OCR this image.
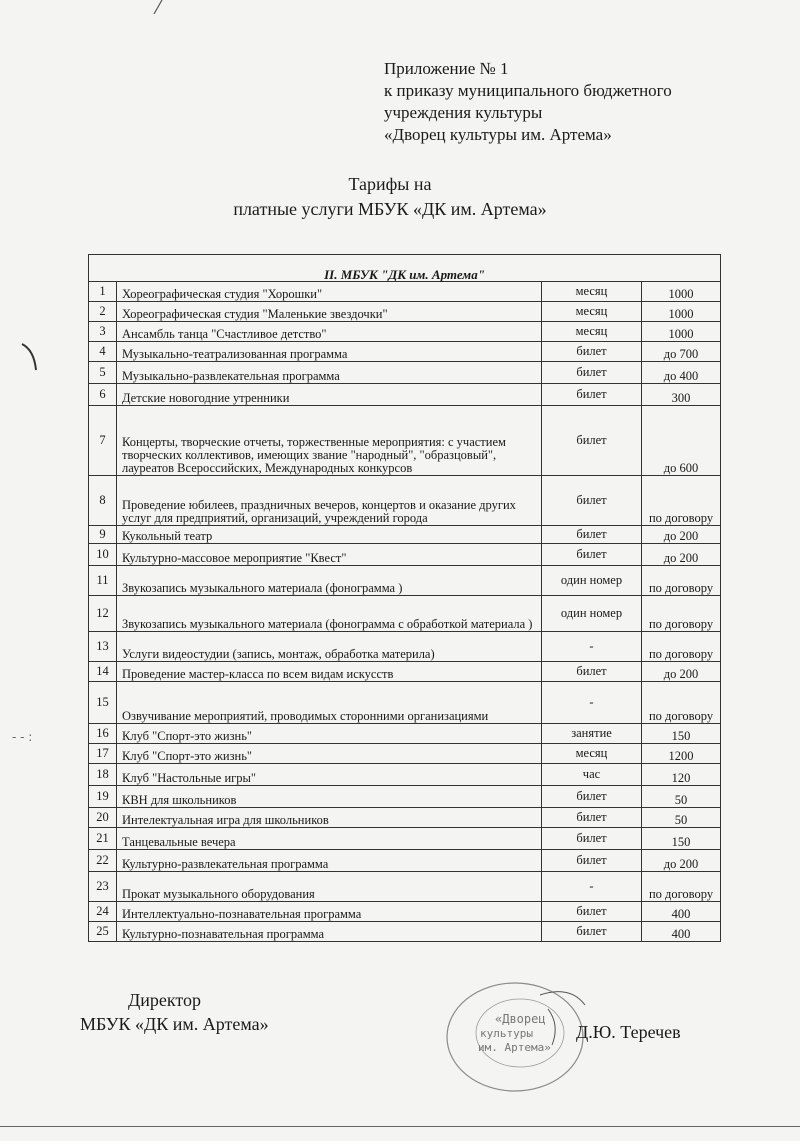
- - :
Приложение № 1
к приказу муниципального бюджетного
учреждения культуры
«Дворец культуры им. Артема»
Тарифы на
платные услуги МБУК «ДК им. Артема»
II. МБУК "ДК им. Артема"			
1	Хореографическая студия "Хорошки"	месяц	1000
2	Хореографическая студия "Маленькие звездочки"	месяц	1000
3	Ансамбль танца "Счастливое детство"	месяц	1000
4	Музыкально-театрализованная программа	билет	до 700
5	Музыкально-развлекательная программа	билет	до 400
6	Детские новогодние утренники	билет	300
7	Концерты, творческие отчеты, торжественные мероприятия: с участием творческих коллективов, имеющих звание "народный", "образцовый", лауреатов Всероссийских, Международных конкурсов	билет	до 600
8	Проведение юбилеев, праздничных вечеров, концертов и оказание других услуг для предприятий, организаций, учреждений города	билет	по договору
9	Кукольный театр	билет	до 200
10	Культурно-массовое мероприятие "Квест"	билет	до 200
11	Звукозапись музыкального материала (фонограмма )	один номер	по договору
12	Звукозапись музыкального материала (фонограмма с обработкой материала )	один номер	по договору
13	Услуги видеостудии (запись, монтаж, обработка материла)	-	по договору
14	Проведение мастер-класса по всем видам искусств	билет	до 200
15	Озвучивание мероприятий, проводимых сторонними организациями	-	по договору
16	Клуб "Спорт-это жизнь"	занятие	150
17	Клуб "Спорт-это жизнь"	месяц	1200
18	Клуб "Настольные игры"	час	120
19	КВН для школьников	билет	50
20	Интелектуальная игра для школьников	билет	50
21	Танцевальные вечера	билет	150
22	Культурно-развлекательная программа	билет	до 200
23	Прокат музыкального оборудования	-	по договору
24	Интеллектуально-познавательная программа	билет	400
25	Культурно-познавательная программа	билет	400
Директор
МБУК «ДК им. Артема»	«Дворец
культуры
им. Артема»
Д.Ю. Теречев
